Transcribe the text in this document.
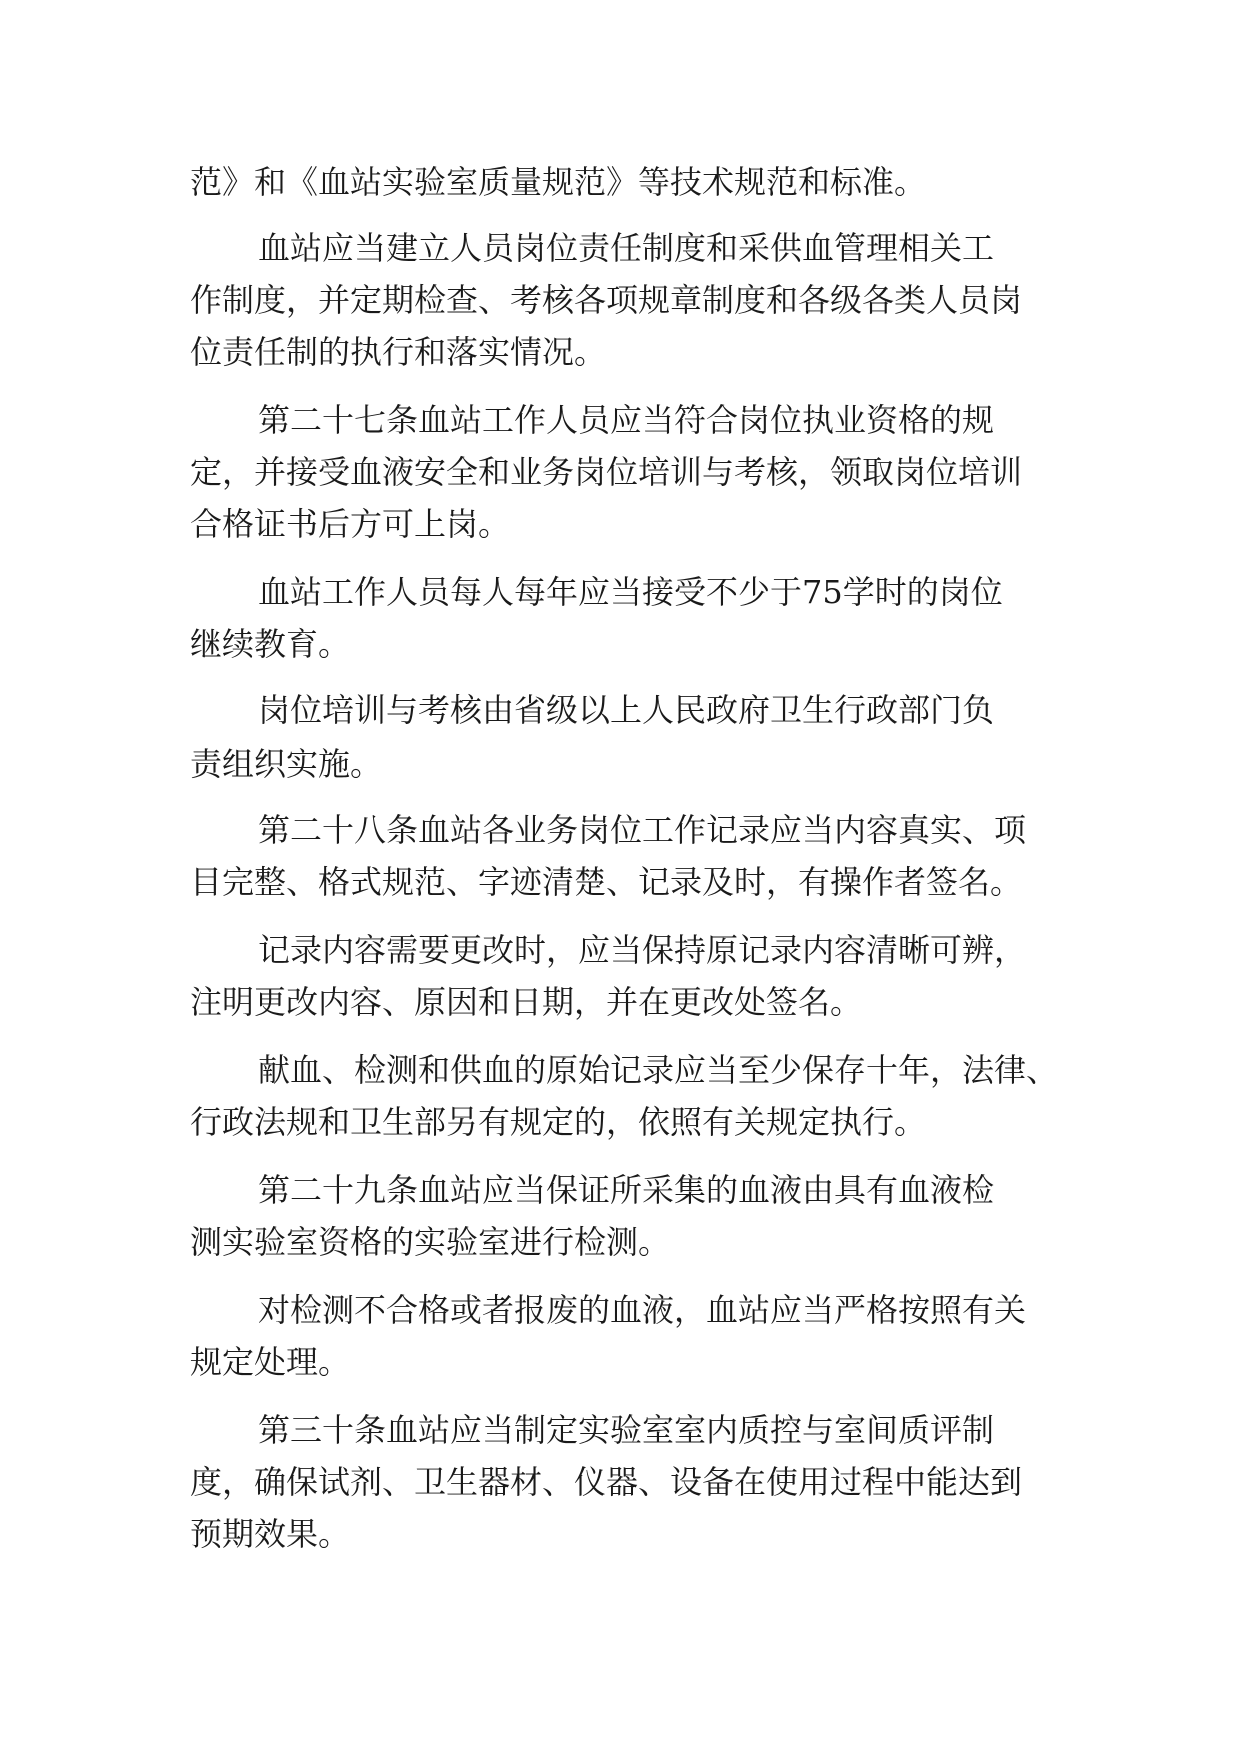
范》和《血站实验室质量规范》等技术规范和标准。
血站应当建立人员岗位责任制度和采供血管理相关工
作制度，并定期检查、考核各项规章制度和各级各类人员岗
位责任制的执行和落实情况。
第二十七条血站工作人员应当符合岗位执业资格的规
定，并接受血液安全和业务岗位培训与考核，领取岗位培训
合格证书后方可上岗。
血站工作人员每人每年应当接受不少于75学时的岗位
继续教育。
岗位培训与考核由省级以上人民政府卫生行政部门负
责组织实施。
第二十八条血站各业务岗位工作记录应当内容真实、项
目完整、格式规范、字迹清楚、记录及时，有操作者签名。
记录内容需要更改时，应当保持原记录内容清晰可辨，
注明更改内容、原因和日期，并在更改处签名。
献血、检测和供血的原始记录应当至少保存十年，法律、
行政法规和卫生部另有规定的，依照有关规定执行。
第二十九条血站应当保证所采集的血液由具有血液检
测实验室资格的实验室进行检测。
对检测不合格或者报废的血液，血站应当严格按照有关
规定处理。
第三十条血站应当制定实验室室内质控与室间质评制
度，确保试剂、卫生器材、仪器、设备在使用过程中能达到
预期效果。
